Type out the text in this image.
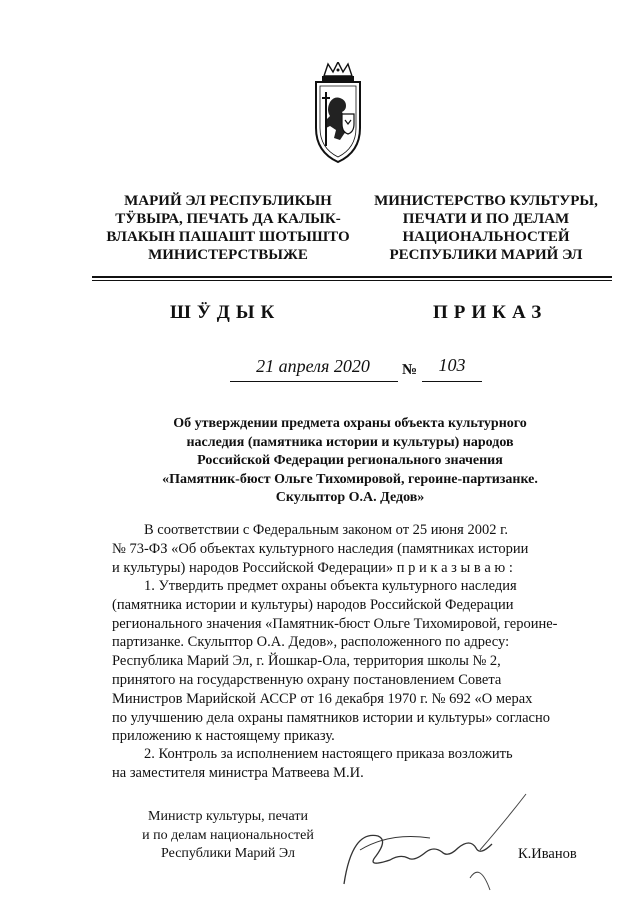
МАРИЙ ЭЛ РЕСПУБЛИКЫН
ТӰВЫРА, ПЕЧАТЬ ДА КАЛЫК-
ВЛАКЫН ПАШАШТ ШОТЫШТО
МИНИСТЕРСТВЫЖЕ
МИНИСТЕРСТВО КУЛЬТУРЫ,
ПЕЧАТИ И ПО ДЕЛАМ
НАЦИОНАЛЬНОСТЕЙ
РЕСПУБЛИКИ МАРИЙ ЭЛ
ШӰДЫК	ПРИКАЗ
21 апреля 2020	№	103
Об утверждении предмета охраны объекта культурного
наследия (памятника истории и культуры) народов
Российской Федерации регионального значения
«Памятник-бюст Ольге Тихомировой, героине-партизанке.
Скульптор О.А. Дедов»
В соответствии с Федеральным законом от 25 июня 2002 г.
№ 73-ФЗ «Об объектах культурного наследия (памятниках истории
и культуры) народов Российской Федерации» п р и к а з ы в а ю :
1. Утвердить предмет охраны объекта культурного наследия
(памятника истории и культуры) народов Российской Федерации
регионального значения «Памятник-бюст Ольге Тихомировой, героине-
партизанке. Скульптор О.А. Дедов», расположенного по адресу:
Республика Марий Эл, г. Йошкар-Ола, территория школы № 2,
принятого на государственную охрану постановлением Совета
Министров Марийской АССР от 16 декабря 1970 г. № 692 «О мерах
по улучшению дела охраны памятников истории и культуры» согласно
приложению к настоящему приказу.
2. Контроль за исполнением настоящего приказа возложить
на заместителя министра Матвеева М.И.
Министр культуры, печати
и по делам национальностей
Республики Марий Эл	К.Иванов
